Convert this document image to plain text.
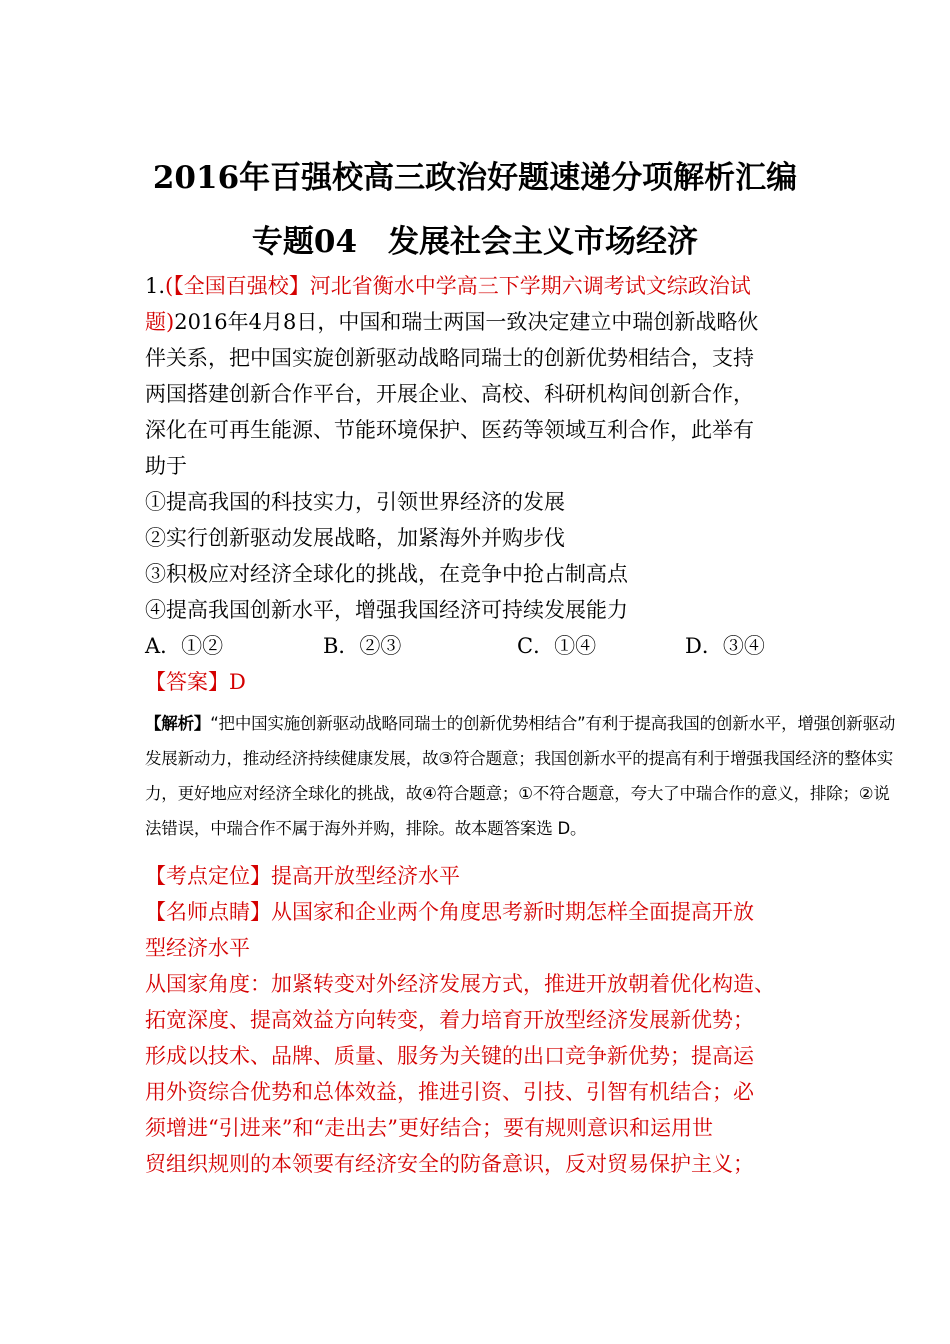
2016年百强校高三政治好题速递分项解析汇编
专题04　发展社会主义市场经济
1.(【全国百强校】河北省衡水中学高三下学期六调考试文综政治试
题)2016年4月8日，中国和瑞士两国一致决定建立中瑞创新战略伙
伴关系，把中国实旋创新驱动战略同瑞士的创新优势相结合，支持
两国搭建创新合作平台，开展企业、高校、科研机构间创新合作，
深化在可再生能源、节能环境保护、医药等领域互利合作，此举有
助于
①提高我国的科技实力，引领世界经济的发展
②实行创新驱动发展战略，加紧海外并购步伐
③积极应对经济全球化的挑战，在竞争中抢占制高点
④提高我国创新水平，增强我国经济可持续发展能力
A．①②	B．②③	C．①④	D．③④
【答案】D
【解析】“把中国实施创新驱动战略同瑞士的创新优势相结合”有利于提高我国的创新水平，增强创新驱动
发展新动力，推动经济持续健康发展，故③符合题意；我国创新水平的提高有利于增强我国经济的整体实
力，更好地应对经济全球化的挑战，故④符合题意；①不符合题意，夸大了中瑞合作的意义，排除；②说
法错误，中瑞合作不属于海外并购，排除。故本题答案选 D。
【考点定位】提高开放型经济水平
【名师点睛】从国家和企业两个角度思考新时期怎样全面提高开放
型经济水平
从国家角度：加紧转变对外经济发展方式，推进开放朝着优化构造、
拓宽深度、提高效益方向转变，着力培育开放型经济发展新优势；
形成以技术、品牌、质量、服务为关键的出口竞争新优势；提高运
用外资综合优势和总体效益，推进引资、引技、引智有机结合；必
须增进“引进来”和“走出去”更好结合；要有规则意识和运用世
贸组织规则的本领要有经济安全的防备意识，反对贸易保护主义；
